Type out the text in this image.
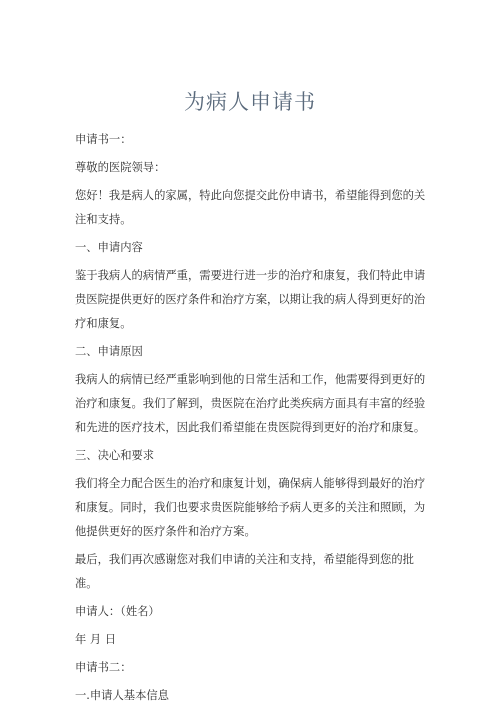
为病人申请书

申请书一：

尊敬的医院领导：

您好！我是病人的家属，特此向您提交此份申请书，希望能得到您的关注和支持。

一、申请内容

鉴于我病人的病情严重，需要进行进一步的治疗和康复，我们特此申请贵医院提供更好的医疗条件和治疗方案，以期让我的病人得到更好的治疗和康复。

二、申请原因

我病人的病情已经严重影响到他的日常生活和工作，他需要得到更好的治疗和康复。我们了解到，贵医院在治疗此类疾病方面具有丰富的经验和先进的医疗技术，因此我们希望能在贵医院得到更好的治疗和康复。

三、决心和要求

我们将全力配合医生的治疗和康复计划，确保病人能够得到最好的治疗和康复。同时，我们也要求贵医院能够给予病人更多的关注和照顾，为他提供更好的医疗条件和治疗方案。

最后，我们再次感谢您对我们申请的关注和支持，希望能得到您的批准。

申请人：（姓名）

年 月 日

申请书二：

一.申请人基本信息
